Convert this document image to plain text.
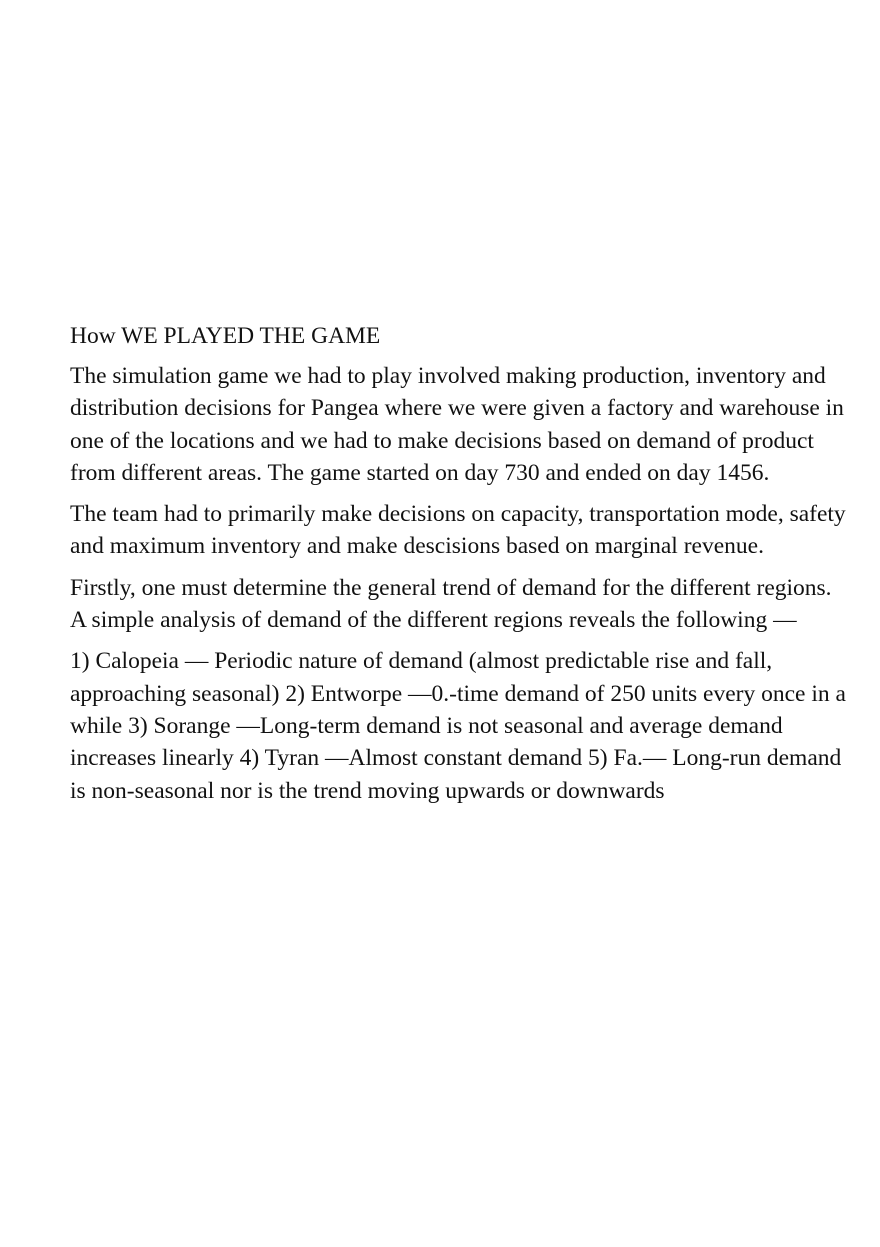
How WE PLAYED THE GAME

The simulation game we had to play involved making production, inventory and distribution decisions for Pangea where we were given a factory and warehouse in one of the locations and we had to make decisions based on demand of product from different areas. The game started on day 730 and ended on day 1456.

The team had to primarily make decisions on capacity, transportation mode, safety and maximum inventory and make descisions based on marginal revenue.

Firstly, one must determine the general trend of demand for the different regions. A simple analysis of demand of the different regions reveals the following —

1) Calopeia — Periodic nature of demand (almost predictable rise and fall, approaching seasonal) 2) Entworpe —0.-time demand of 250 units every once in a while 3) Sorange —Long-term demand is not seasonal and average demand increases linearly 4) Tyran —Almost constant demand 5) Fa.— Long-run demand is non-seasonal nor is the trend moving upwards or downwards
